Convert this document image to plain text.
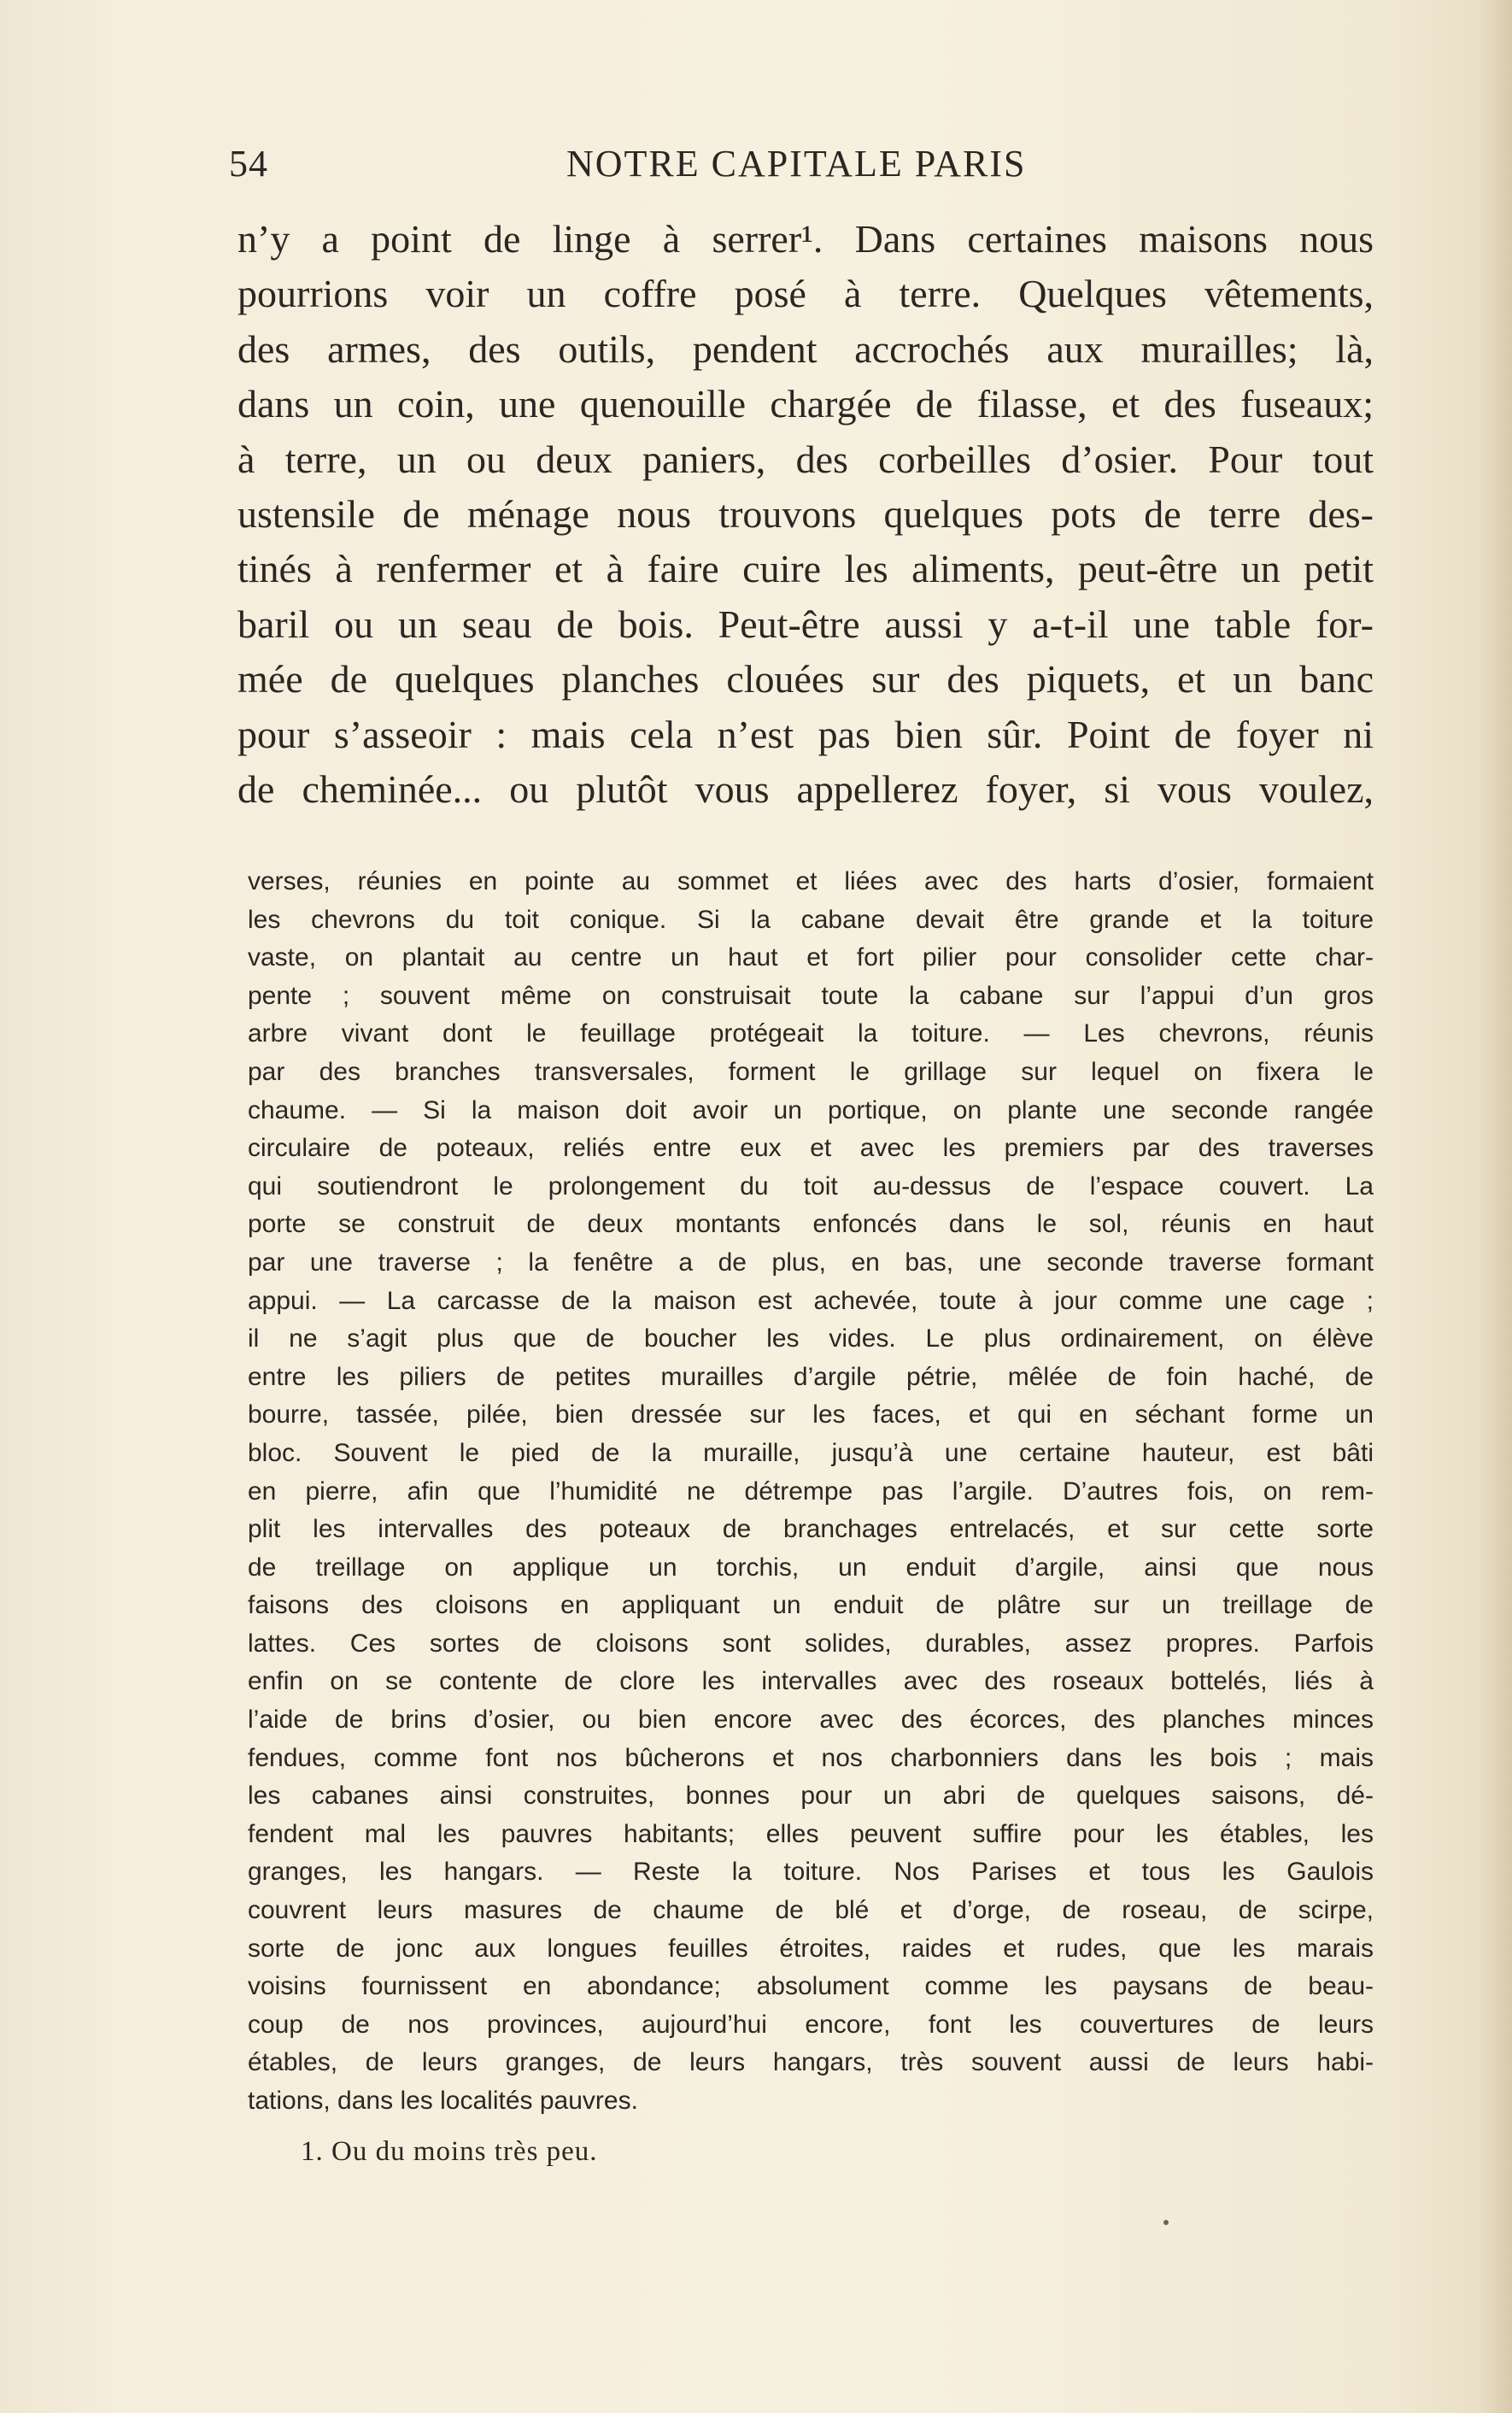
54	NOTRE CAPITALE PARIS
n’y a point de linge à serrer¹. Dans certaines maisons nous
pourrions voir un coffre posé à terre. Quelques vêtements,
des armes, des outils, pendent accrochés aux murailles; là,
dans un coin, une quenouille chargée de filasse, et des fuseaux;
à terre, un ou deux paniers, des corbeilles d’osier. Pour tout
ustensile de ménage nous trouvons quelques pots de terre des-
tinés à renfermer et à faire cuire les aliments, peut-être un petit
baril ou un seau de bois. Peut-être aussi y a-t-il une table for-
mée de quelques planches clouées sur des piquets, et un banc
pour s’asseoir : mais cela n’est pas bien sûr. Point de foyer ni
de cheminée... ou plutôt vous appellerez foyer, si vous voulez,
verses, réunies en pointe au sommet et liées avec des harts d’osier, formaient
les chevrons du toit conique. Si la cabane devait être grande et la toiture
vaste, on plantait au centre un haut et fort pilier pour consolider cette char-
pente ; souvent même on construisait toute la cabane sur l’appui d’un gros
arbre vivant dont le feuillage protégeait la toiture. — Les chevrons, réunis
par des branches transversales, forment le grillage sur lequel on fixera le
chaume. — Si la maison doit avoir un portique, on plante une seconde rangée
circulaire de poteaux, reliés entre eux et avec les premiers par des traverses
qui soutiendront le prolongement du toit au-dessus de l’espace couvert. La
porte se construit de deux montants enfoncés dans le sol, réunis en haut
par une traverse ; la fenêtre a de plus, en bas, une seconde traverse formant
appui. — La carcasse de la maison est achevée, toute à jour comme une cage ;
il ne s’agit plus que de boucher les vides. Le plus ordinairement, on élève
entre les piliers de petites murailles d’argile pétrie, mêlée de foin haché, de
bourre, tassée, pilée, bien dressée sur les faces, et qui en séchant forme un
bloc. Souvent le pied de la muraille, jusqu’à une certaine hauteur, est bâti
en pierre, afin que l’humidité ne détrempe pas l’argile. D’autres fois, on rem-
plit les intervalles des poteaux de branchages entrelacés, et sur cette sorte
de treillage on applique un torchis, un enduit d’argile, ainsi que nous
faisons des cloisons en appliquant un enduit de plâtre sur un treillage de
lattes. Ces sortes de cloisons sont solides, durables, assez propres. Parfois
enfin on se contente de clore les intervalles avec des roseaux bottelés, liés à
l’aide de brins d’osier, ou bien encore avec des écorces, des planches minces
fendues, comme font nos bûcherons et nos charbonniers dans les bois ; mais
les cabanes ainsi construites, bonnes pour un abri de quelques saisons, dé-
fendent mal les pauvres habitants; elles peuvent suffire pour les étables, les
granges, les hangars. — Reste la toiture. Nos Parises et tous les Gaulois
couvrent leurs masures de chaume de blé et d’orge, de roseau, de scirpe,
sorte de jonc aux longues feuilles étroites, raides et rudes, que les marais
voisins fournissent en abondance; absolument comme les paysans de beau-
coup de nos provinces, aujourd’hui encore, font les couvertures de leurs
étables, de leurs granges, de leurs hangars, très souvent aussi de leurs habi-
tations, dans les localités pauvres.
1. Ou du moins très peu.
